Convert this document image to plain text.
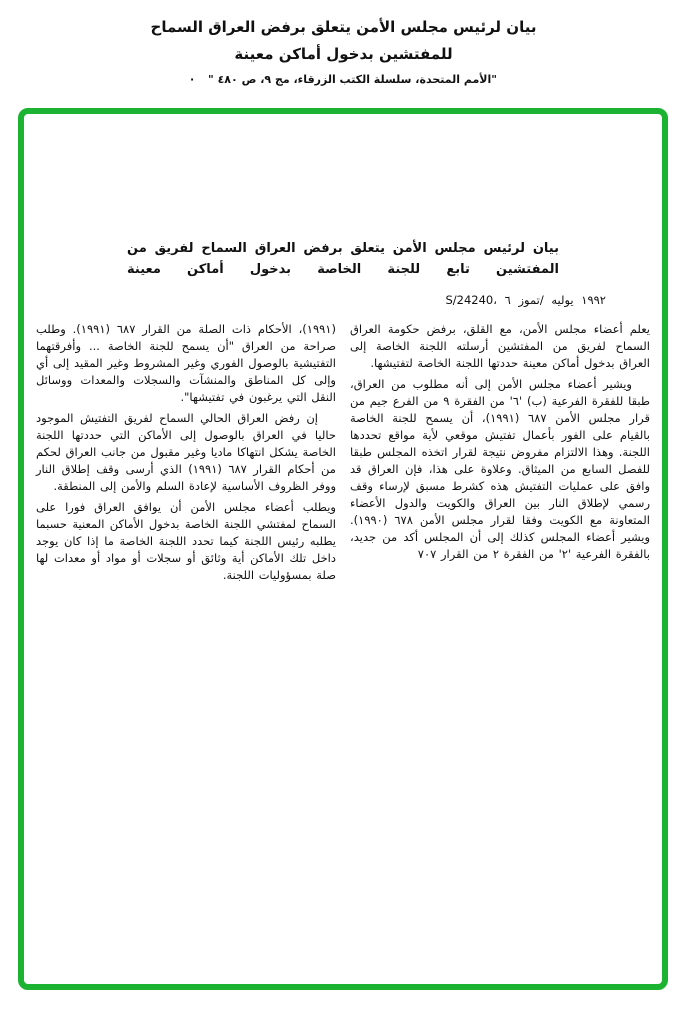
بيان لرئيس مجلس الأمن يتعلق برفض العراق السماح
للمفتشين بدخول أماكن معينة
"الأمم المتحدة، سلسلة الكتب الزرقاء، مج ٩، ص ٤٨٠ " ·
بيان لرئيس مجلس الأمن يتعلق برفض العراق السماح لفريق من
المفتشين تابع للجنة الخاصة بدخول أماكن معينة
S/24240، ٦ تموز/ يوليه ١٩٩٢

يعلم أعضاء مجلس الأمن، مع القلق، برفض حكومة العراق السماح لفريق من المفتشين أرسلته اللجنة الخاصة إلى العراق بدخول أماكن معينة حددتها اللجنة الخاصة لتفتيشها.

ويشير أعضاء مجلس الأمن إلى أنه مطلوب من العراق، طبقا للفقرة الفرعية (ب) '٦' من الفقرة ٩ من الفرع جيم من قرار مجلس الأمن ٦٨٧ (١٩٩١)، أن يسمح للجنة الخاصة بالقيام على الفور بأعمال تفتيش موقعي لأية مواقع تحددها اللجنة. وهذا الالتزام مفروض نتيجة لقرار اتخذه المجلس طبقا للفصل السابع من الميثاق. وعلاوة على هذا، فإن العراق قد وافق على عمليات التفتيش هذه كشرط مسبق لإرساء وقف رسمي لإطلاق النار بين العراق والكويت والدول الأعضاء المتعاونة مع الكويت وفقا لقرار مجلس الأمن ٦٧٨ (١٩٩٠). ويشير أعضاء المجلس كذلك إلى أن المجلس أكد من جديد، بالفقرة الفرعية '٢' من الفقرة ٢ من القرار ٧٠٧

(١٩٩١)، الأحكام ذات الصلة من القرار ٦٨٧ (١٩٩١). وطلب صراحة من العراق "أن يسمح للجنة الخاصة ... وأفرقتهما التفتيشية بالوصول الفوري وغير المشروط وغير المقيد إلى أي وإلى كل المناطق والمنشآت والسجلات والمعدات ووسائل النقل التي يرغبون في تفتيشها".

إن رفض العراق الحالي السماح لفريق التفتيش الموجود حاليا في العراق بالوصول إلى الأماكن التي حددتها اللجنة الخاصة يشكل انتهاكا ماديا وغير مقبول من جانب العراق لحكم من أحكام القرار ٦٨٧ (١٩٩١) الذي أرسى وقف إطلاق النار ووفر الظروف الأساسية لإعادة السلم والأمن إلى المنطقة.

ويطلب أعضاء مجلس الأمن أن يوافق العراق فورا على السماح لمفتشي اللجنة الخاصة بدخول الأماكن المعنية حسبما يطلبه رئيس اللجنة كيما تحدد اللجنة الخاصة ما إذا كان يوجد داخل تلك الأماكن أية وثائق أو سجلات أو مواد أو معدات لها صلة بمسؤوليات اللجنة.
